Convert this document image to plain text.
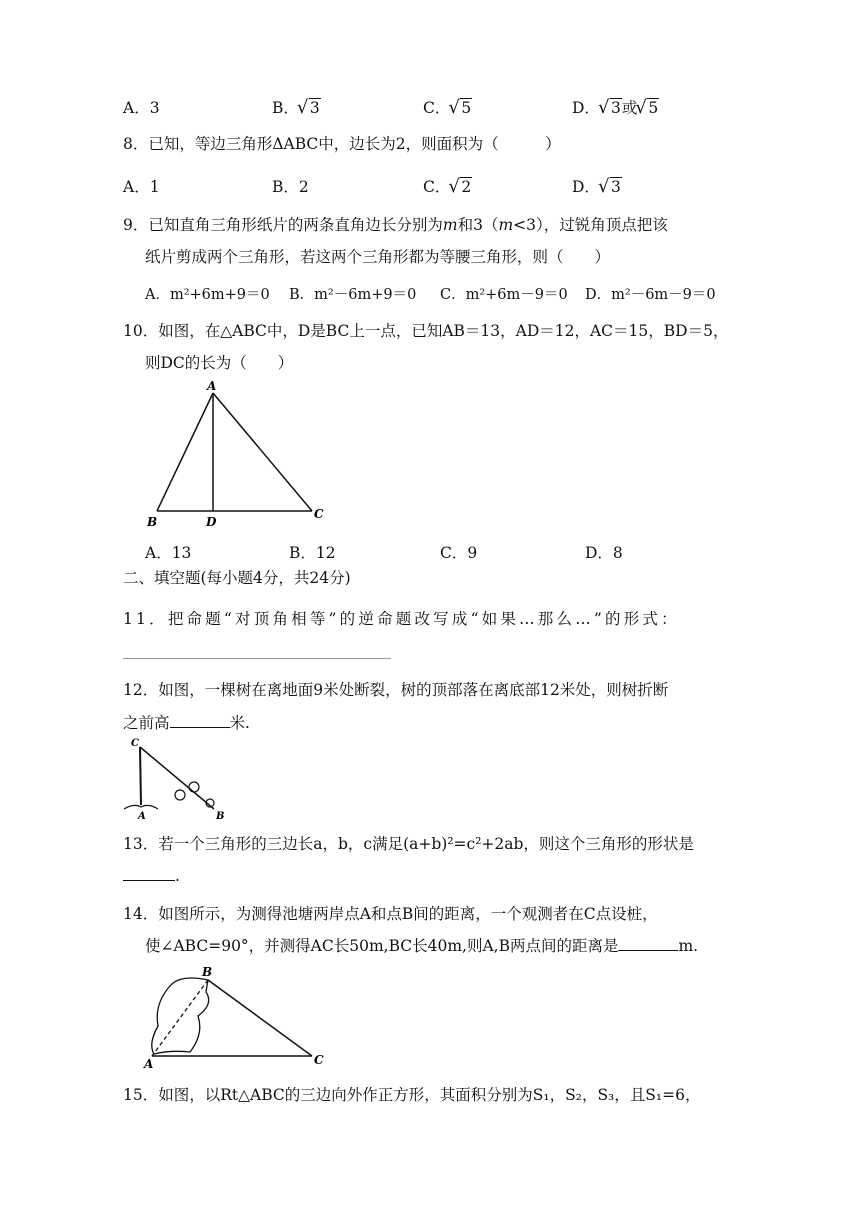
A．3	B． √ 3	C． √ 5	D． √ 3或 √ 5
8．已知，等边三角形ΔABC中，边长为2，则面积为（　　　）
A．1	B．2	C． √ 2	D． √ 3
9．已知直角三角形纸片的两条直角边长分别为m和3（m<3），过锐角顶点把该
纸片剪成两个三角形，若这两个三角形都为等腰三角形，则（　　）
A．m²+6m+9＝0 B．m²－6m+9＝0 C．m²+6m－9＝0 D．m²－6m－9＝0
10．如图，在△ABC中，D是BC上一点，已知AB＝13，AD＝12，AC＝15，BD＝5，
则DC的长为（　　）
A
B	D
C
A．13	B．12	C．9	D．8
二、填空题(每小题4分，共24分)
11．把命题“对顶角相等”的逆命题改写成“如果…那么…”的形式：
12．如图，一棵树在离地面9米处断裂，树的顶部落在离底部12米处，则树折断
之前高	米.
C
A	B
13．若一个三角形的三边长a，b，c满足(a+b)²=c²+2ab，则这个三角形的形状是
.
14．如图所示，为测得池塘两岸点A和点B间的距离，一个观测者在C点设桩，
使∠ABC=90°，并测得AC长50m,BC长40m,则A,B两点间的距离是	m.
B
A	C
15．如图，以Rt△ABC的三边向外作正方形，其面积分别为S₁，S₂，S₃，且S₁=6，
